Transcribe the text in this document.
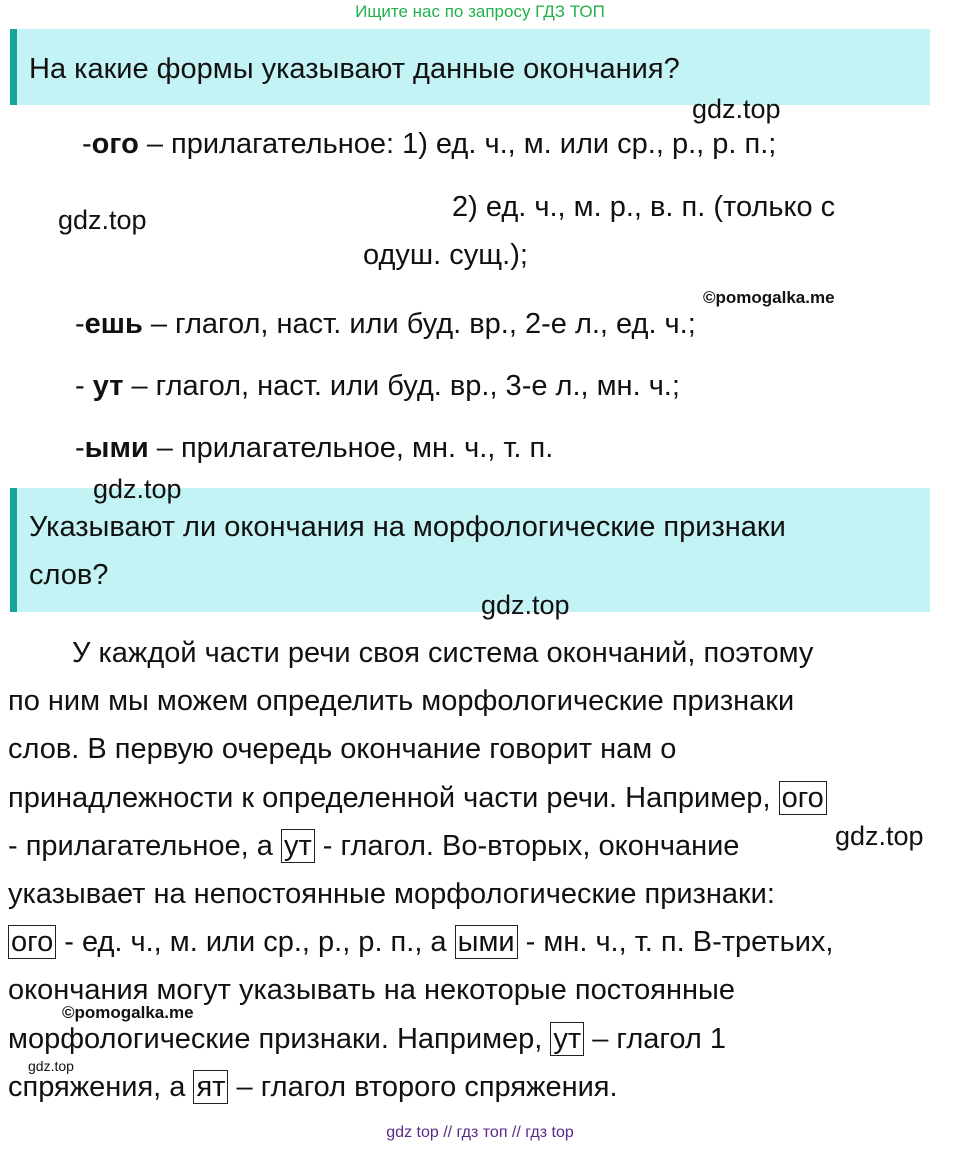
Ищите нас по запросу ГДЗ ТОП
На какие формы указывают данные окончания?
gdz.top
-ого – прилагательное: 1) ед. ч., м. или ср., р., р. п.;
gdz.top	2) ед. ч., м. р., в. п. (только с
одуш. сущ.);
©pomogalka.me
-ешь – глагол, наст. или буд. вр., 2-е л., ед. ч.;
- ут – глагол, наст. или буд. вр., 3-е л., мн. ч.;
-ыми – прилагательное, мн. ч., т. п.
Указывают ли окончания на морфологические признаки
слов?
gdz.top
gdz.top
У каждой части речи своя система окончаний, поэтому
по ним мы можем определить морфологические признаки
слов. В первую очередь окончание говорит нам о
принадлежности к определенной части речи. Например, ого
- прилагательное, а ут - глагол. Во-вторых, окончание
указывает на непостоянные морфологические признаки:
ого - ед. ч., м. или ср., р., р. п., а ыми - мн. ч., т. п. В-третьих,
окончания могут указывать на некоторые постоянные
морфологические признаки. Например, ут – глагол 1
спряжения, а ят – глагол второго спряжения.
gdz.top
©pomogalka.me
gdz.top
gdz top // гдз топ // гдз top
